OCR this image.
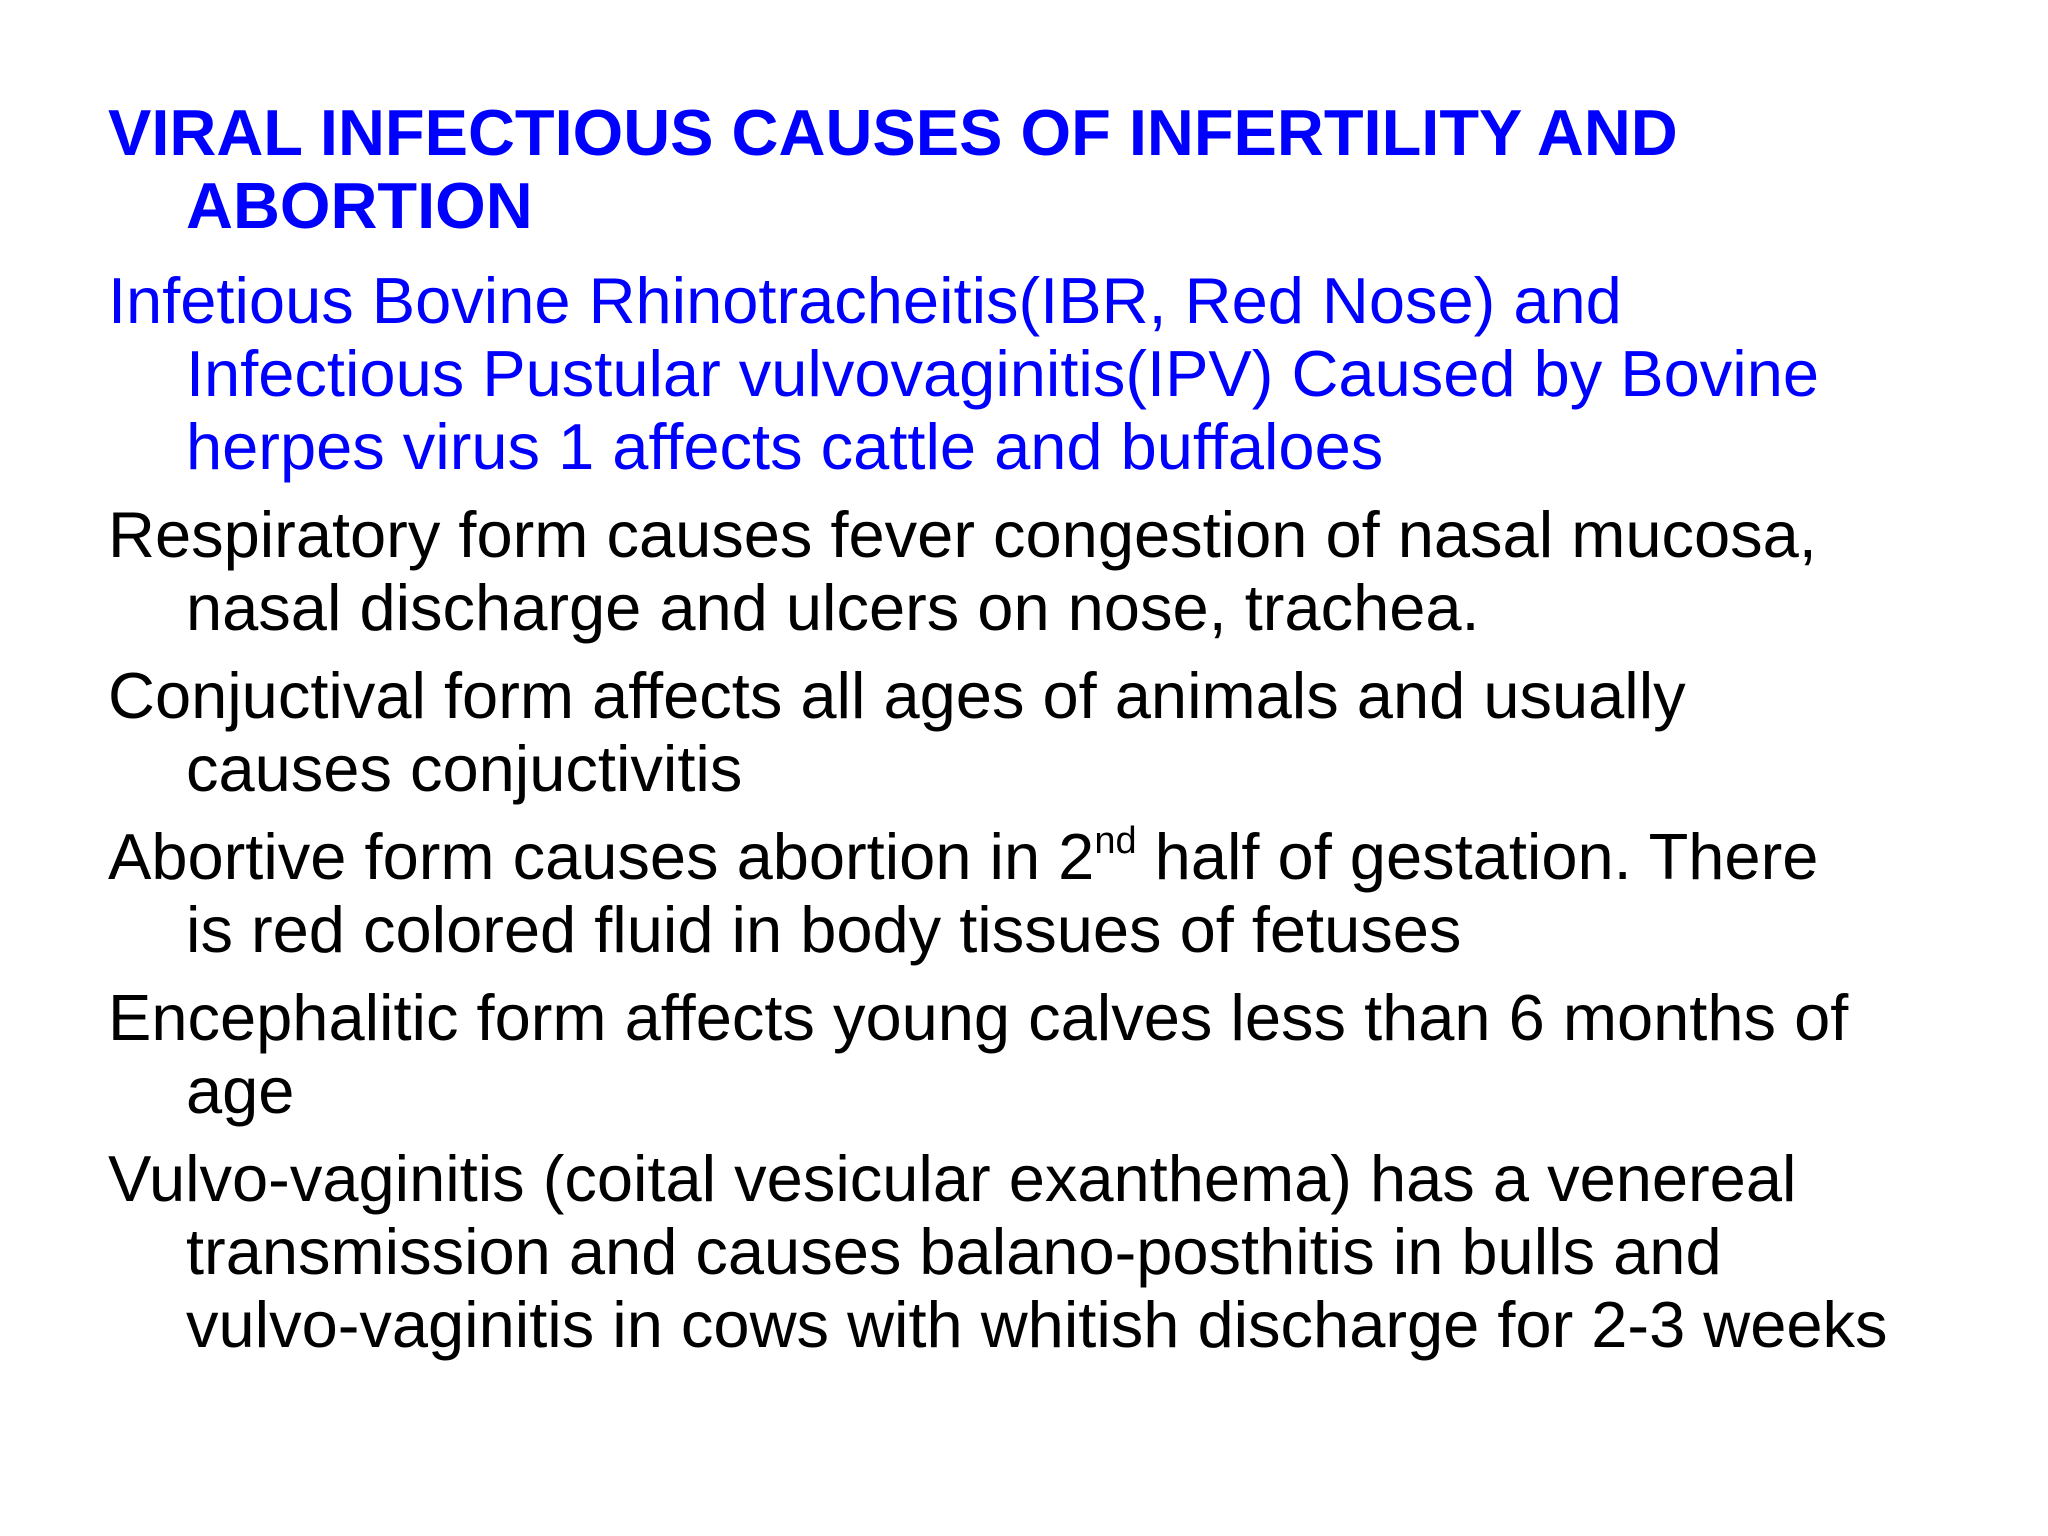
VIRAL INFECTIOUS CAUSES OF INFERTILITY AND
ABORTION

Infetious Bovine Rhinotracheitis(IBR, Red Nose) and
Infectious Pustular vulvovaginitis(IPV) Caused by Bovine
herpes virus 1 affects cattle and buffaloes

Respiratory form causes fever congestion of nasal mucosa,
nasal discharge and ulcers on nose, trachea.

Conjuctival form affects all ages of animals and usually
causes conjuctivitis

Abortive form causes abortion in 2nd half of gestation. There
is red colored fluid in body tissues of fetuses

Encephalitic form affects young calves less than 6 months of
age

Vulvo-vaginitis (coital vesicular exanthema) has a venereal
transmission and causes balano-posthitis in bulls and
vulvo-vaginitis in cows with whitish discharge for 2-3 weeks
